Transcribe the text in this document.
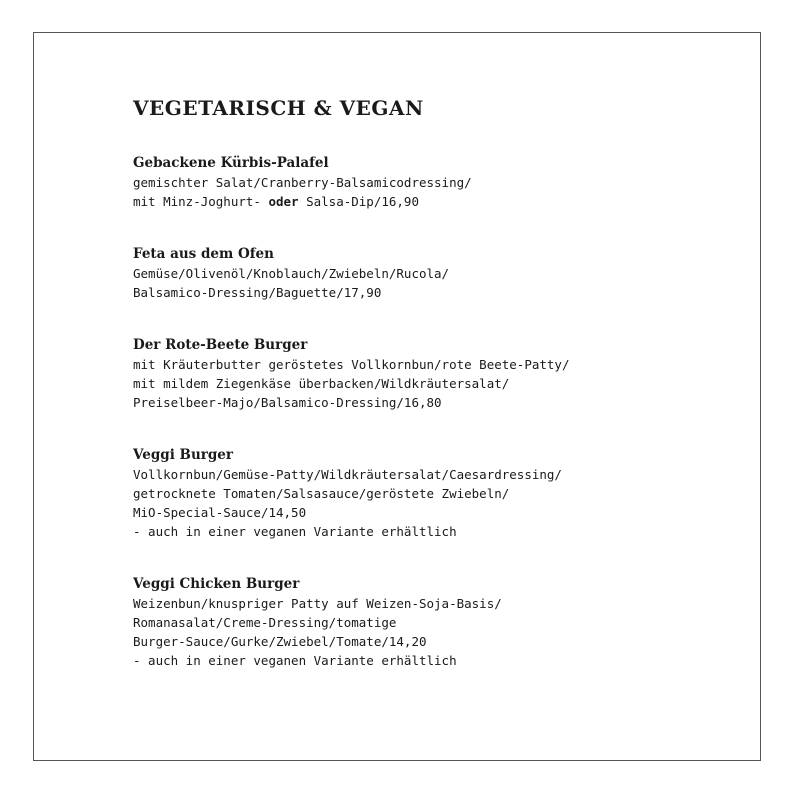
VEGETARISCH & VEGAN
Gebackene Kürbis-Palafel
gemischter Salat/Cranberry-Balsamicodressing/
mit Minz-Joghurt- oder Salsa-Dip/16,90
Feta aus dem Ofen
Gemüse/Olivenöl/Knoblauch/Zwiebeln/Rucola/
Balsamico-Dressing/Baguette/17,90
Der Rote-Beete Burger
mit Kräuterbutter geröstetes Vollkornbun/rote Beete-Patty/
mit mildem Ziegenkäse überbacken/Wildkräutersalat/
Preiselbeer-Majo/Balsamico-Dressing/16,80
Veggi Burger
Vollkornbun/Gemüse-Patty/Wildkräutersalat/Caesardressing/
getrocknete Tomaten/Salsasauce/geröstete Zwiebeln/
MiO-Special-Sauce/14,50
- auch in einer veganen Variante erhältlich
Veggi Chicken Burger
Weizenbun/knuspriger Patty auf Weizen-Soja-Basis/
Romanasalat/Creme-Dressing/tomatige
Burger-Sauce/Gurke/Zwiebel/Tomate/14,20
- auch in einer veganen Variante erhältlich
